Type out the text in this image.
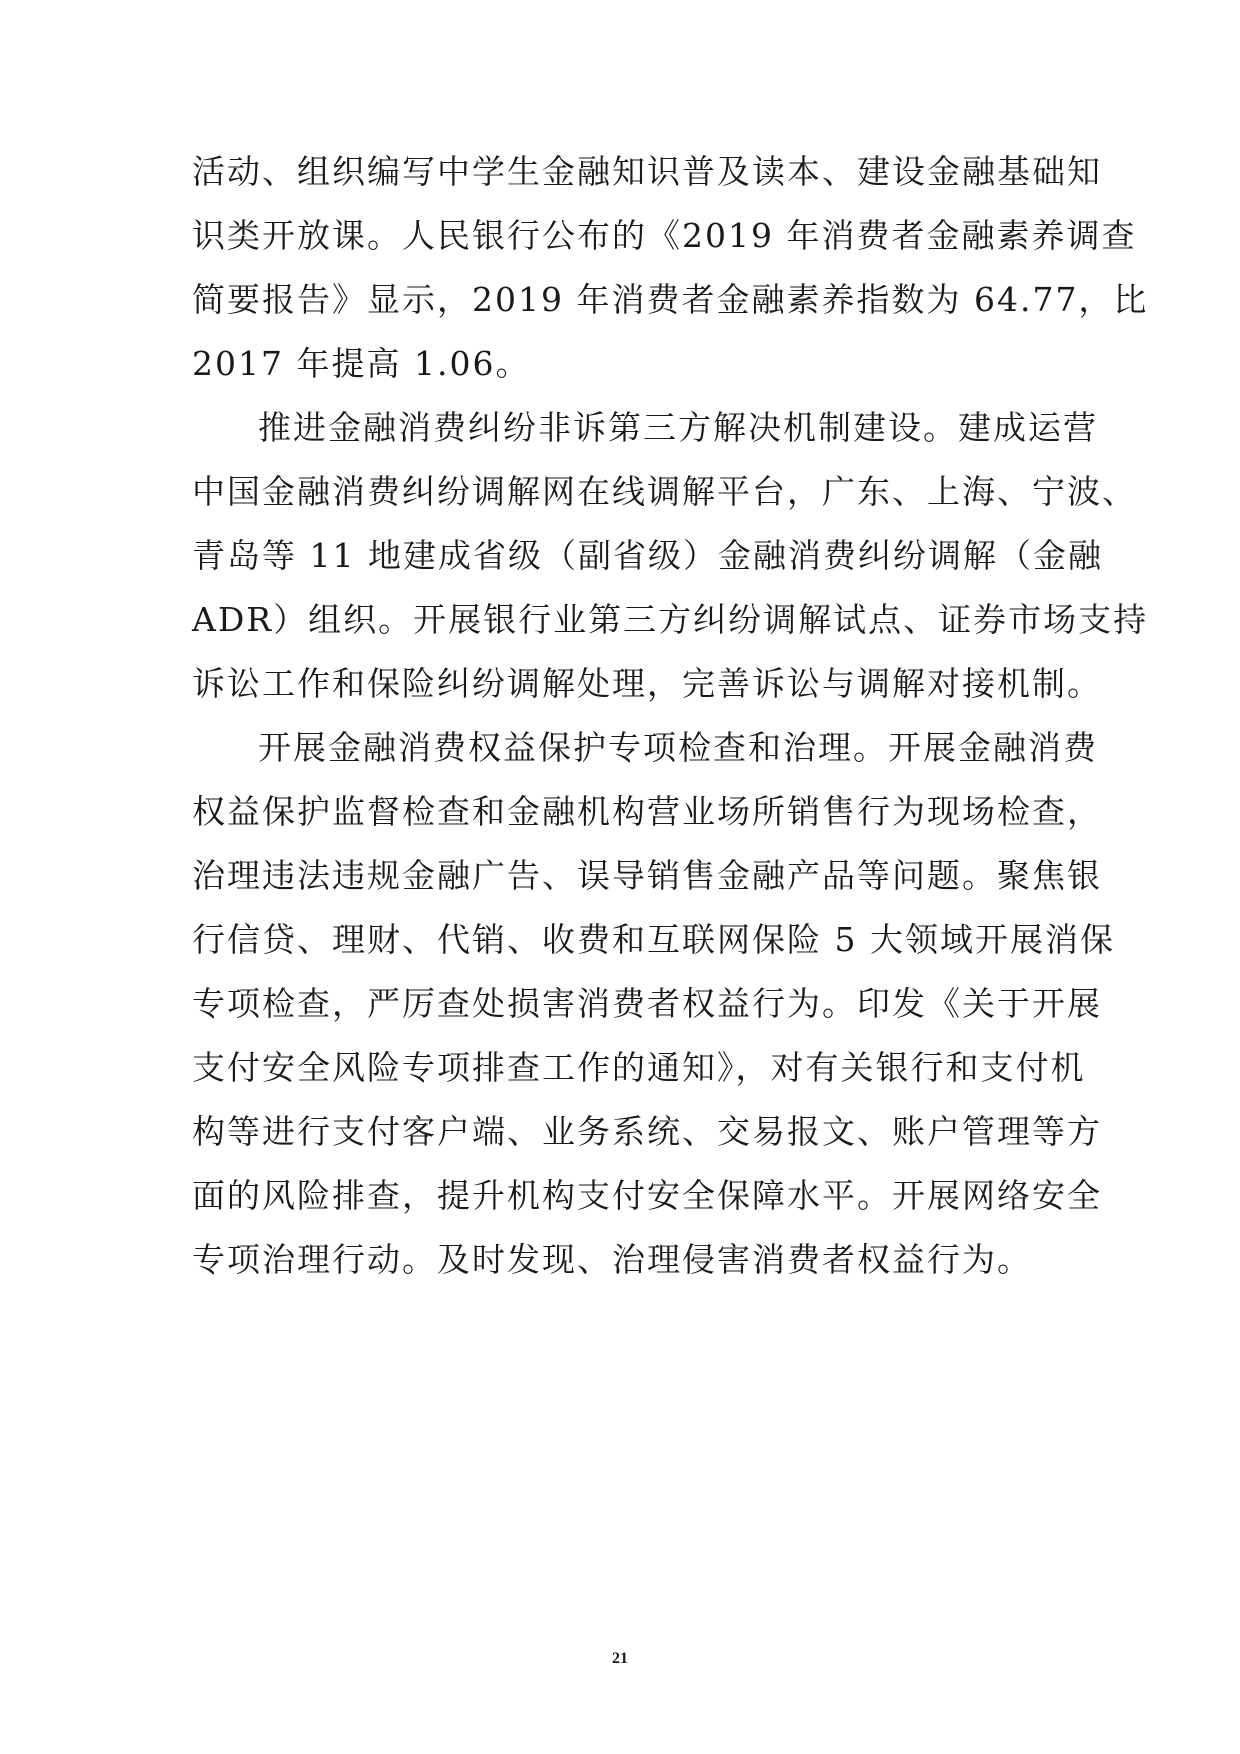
活动、组织编写中学生金融知识普及读本、建设金融基础知
识类开放课。人民银行公布的《2019 年消费者金融素养调查
简要报告》显示，2019 年消费者金融素养指数为 64.77，比
2017 年提高 1.06。
推进金融消费纠纷非诉第三方解决机制建设。建成运营
中国金融消费纠纷调解网在线调解平台，广东、上海、宁波、
青岛等 11 地建成省级（副省级）金融消费纠纷调解（金融
ADR）组织。开展银行业第三方纠纷调解试点、证券市场支持
诉讼工作和保险纠纷调解处理，完善诉讼与调解对接机制。
开展金融消费权益保护专项检查和治理。开展金融消费
权益保护监督检查和金融机构营业场所销售行为现场检查，
治理违法违规金融广告、误导销售金融产品等问题。聚焦银
行信贷、理财、代销、收费和互联网保险 5 大领域开展消保
专项检查，严厉查处损害消费者权益行为。印发《关于开展
支付安全风险专项排查工作的通知》，对有关银行和支付机
构等进行支付客户端、业务系统、交易报文、账户管理等方
面的风险排查，提升机构支付安全保障水平。开展网络安全
专项治理行动。及时发现、治理侵害消费者权益行为。
21
